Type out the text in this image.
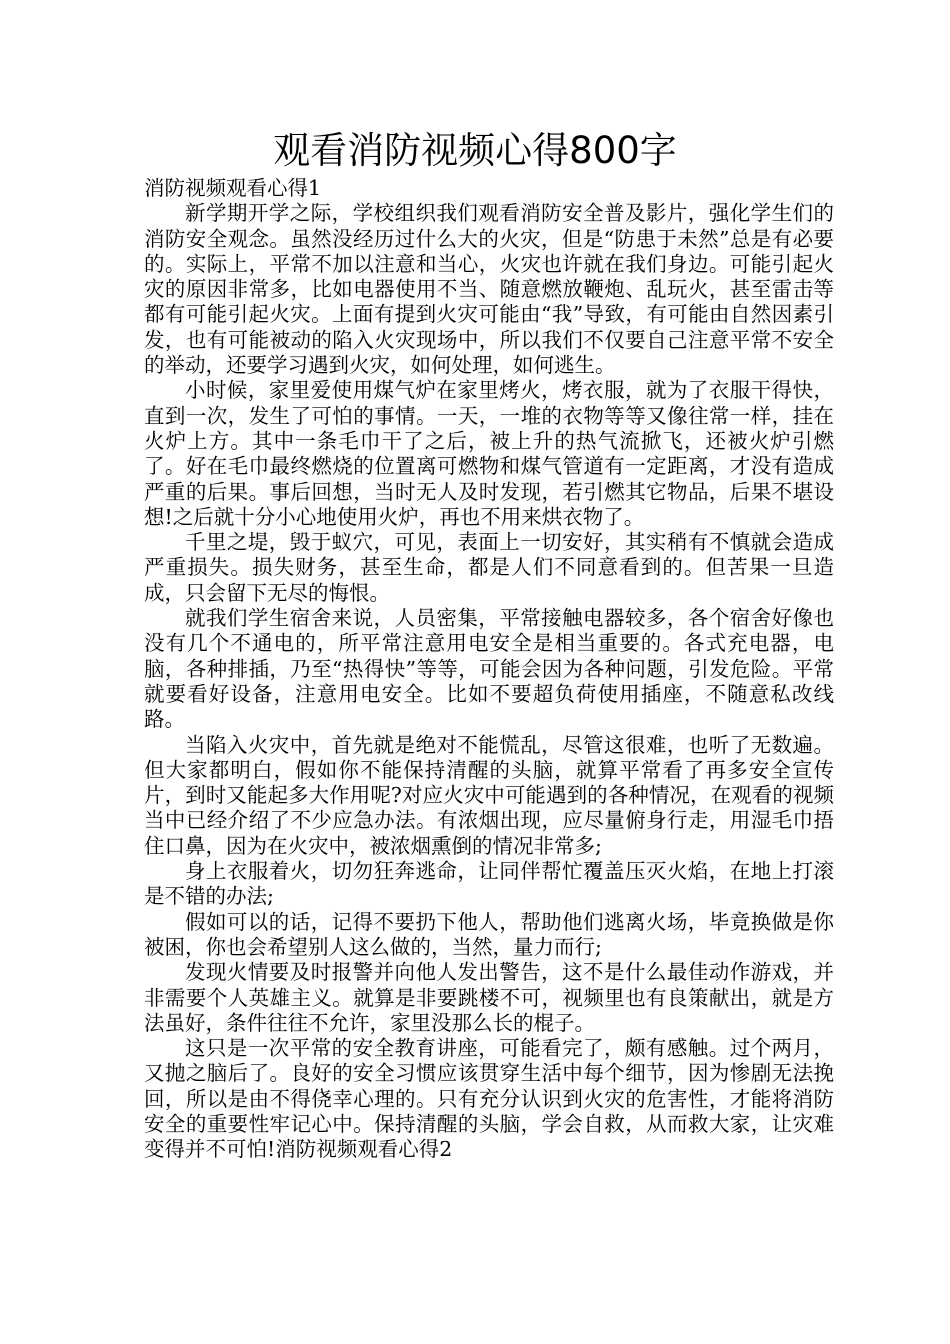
观看消防视频心得800字

消防视频观看心得1

新学期开学之际，学校组织我们观看消防安全普及影片，强化学生们的消防安全观念。虽然没经历过什么大的火灾，但是“防患于未然”总是有必要的。实际上，平常不加以注意和当心，火灾也许就在我们身边。可能引起火灾的原因非常多，比如电器使用不当、随意燃放鞭炮、乱玩火，甚至雷击等都有可能引起火灾。上面有提到火灾可能由“我”导致，有可能由自然因素引发，也有可能被动的陷入火灾现场中，所以我们不仅要自己注意平常不安全的举动，还要学习遇到火灾，如何处理，如何逃生。

小时候，家里爱使用煤气炉在家里烤火，烤衣服，就为了衣服干得快，直到一次，发生了可怕的事情。一天，一堆的衣物等等又像往常一样，挂在火炉上方。其中一条毛巾干了之后，被上升的热气流掀飞，还被火炉引燃了。好在毛巾最终燃烧的位置离可燃物和煤气管道有一定距离，才没有造成严重的后果。事后回想，当时无人及时发现，若引燃其它物品，后果不堪设想!之后就十分小心地使用火炉，再也不用来烘衣物了。

千里之堤，毁于蚁穴，可见，表面上一切安好，其实稍有不慎就会造成严重损失。损失财务，甚至生命，都是人们不同意看到的。但苦果一旦造成，只会留下无尽的悔恨。

就我们学生宿舍来说，人员密集，平常接触电器较多，各个宿舍好像也没有几个不通电的，所平常注意用电安全是相当重要的。各式充电器，电脑，各种排插，乃至“热得快”等等，可能会因为各种问题，引发危险。平常就要看好设备，注意用电安全。比如不要超负荷使用插座，不随意私改线路。

当陷入火灾中，首先就是绝对不能慌乱，尽管这很难，也听了无数遍。但大家都明白，假如你不能保持清醒的头脑，就算平常看了再多安全宣传片，到时又能起多大作用呢?对应火灾中可能遇到的各种情况，在观看的视频当中已经介绍了不少应急办法。有浓烟出现，应尽量俯身行走，用湿毛巾捂住口鼻，因为在火灾中，被浓烟熏倒的情况非常多;

身上衣服着火，切勿狂奔逃命，让同伴帮忙覆盖压灭火焰，在地上打滚是不错的办法;

假如可以的话，记得不要扔下他人，帮助他们逃离火场，毕竟换做是你被困，你也会希望别人这么做的，当然，量力而行;

发现火情要及时报警并向他人发出警告，这不是什么最佳动作游戏，并非需要个人英雄主义。就算是非要跳楼不可，视频里也有良策献出，就是方法虽好，条件往往不允许，家里没那么长的棍子。

这只是一次平常的安全教育讲座，可能看完了，颇有感触。过个两月，又抛之脑后了。良好的安全习惯应该贯穿生活中每个细节，因为惨剧无法挽回，所以是由不得侥幸心理的。只有充分认识到火灾的危害性，才能将消防安全的重要性牢记心中。保持清醒的头脑，学会自救，从而救大家，让灾难变得并不可怕!消防视频观看心得2
